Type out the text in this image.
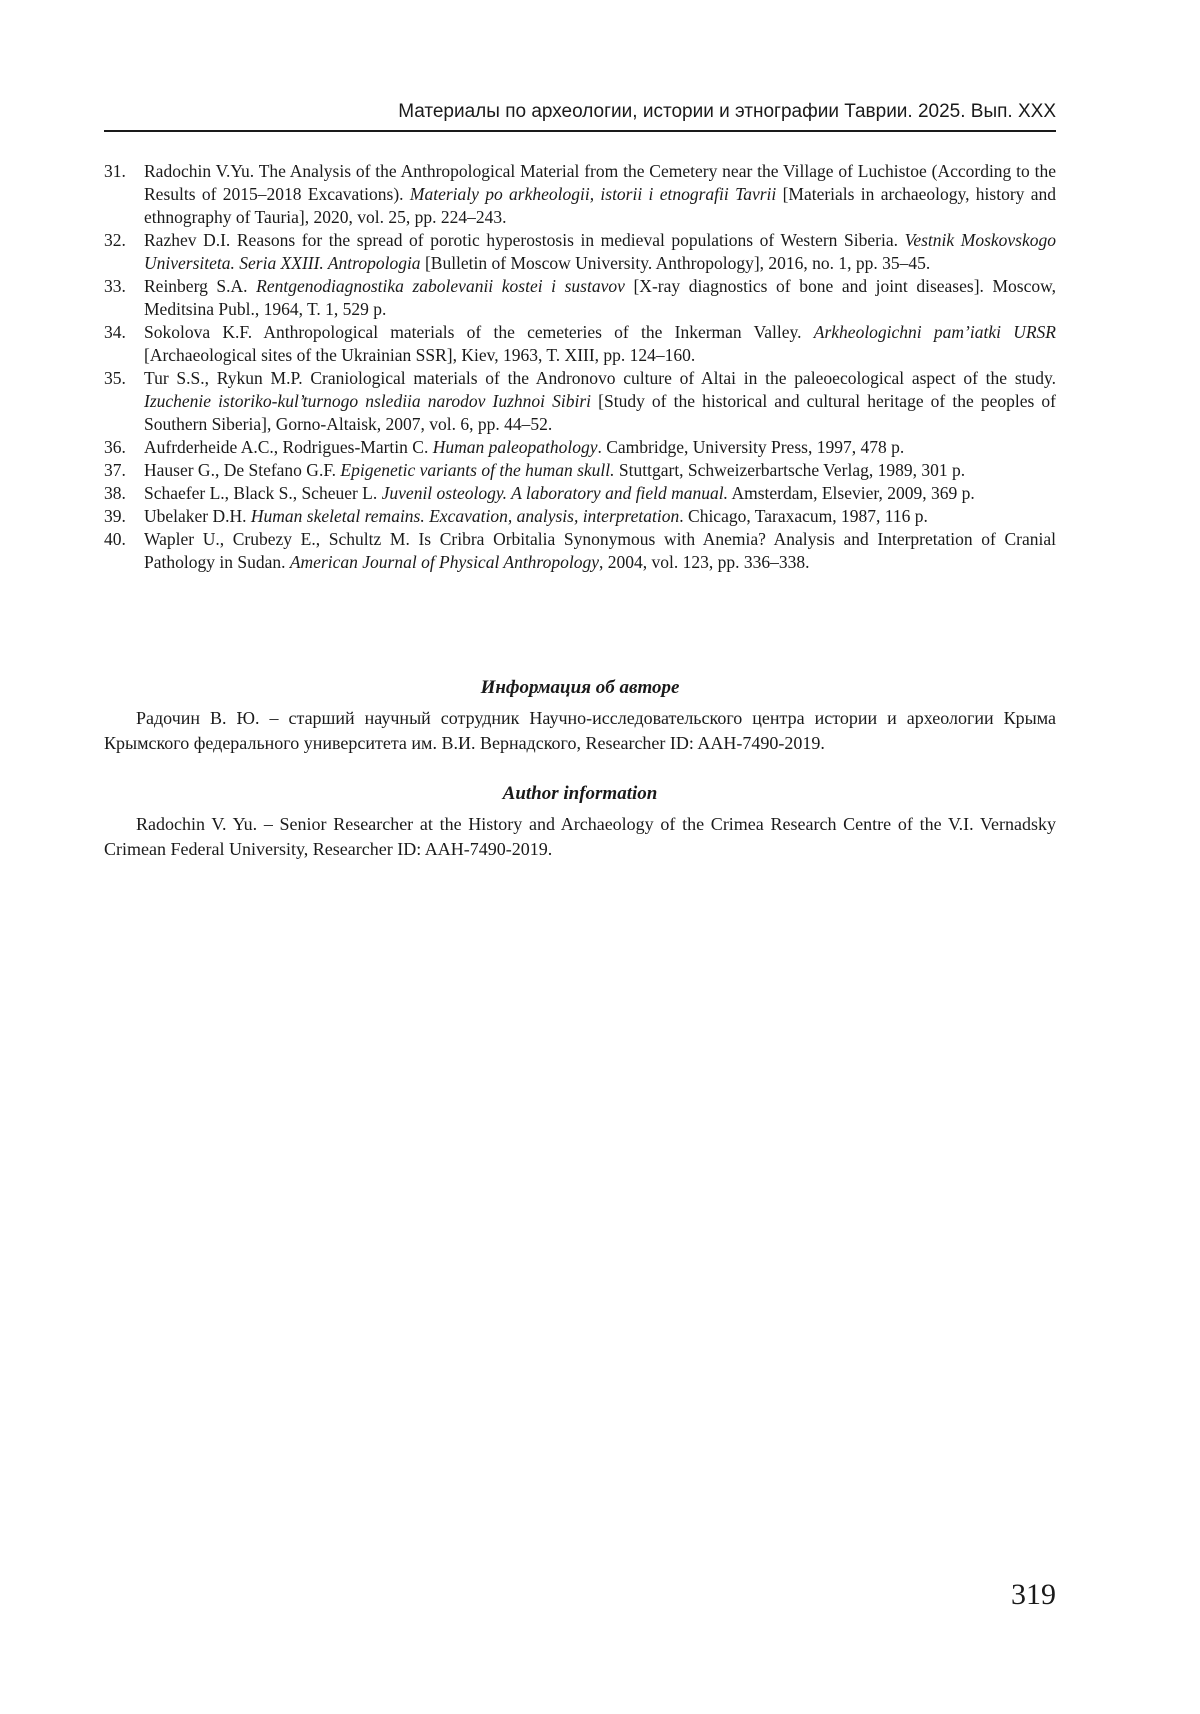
Материалы по археологии, истории и этнографии Таврии. 2025. Вып. XXX
31.	Radochin V.Yu. The Analysis of the Anthropological Material from the Cemetery near the Village of Luchistoe (According to the Results of 2015–2018 Excavations). Materialy po arkheologii, istorii i etnografii Tavrii [Materials in archaeology, history and ethnography of Tauria], 2020, vol. 25, pp. 224–243.
32.	Razhev D.I. Reasons for the spread of porotic hyperostosis in medieval populations of Western Siberia. Vestnik Moskovskogo Universiteta. Seria XXIII. Antropologia [Bulletin of Moscow University. Anthropology], 2016, no. 1, pp. 35–45.
33.	Reinberg S.A. Rentgenodiagnostika zabolevanii kostei i sustavov [X-ray diagnostics of bone and joint diseases]. Moscow, Meditsina Publ., 1964, T. 1, 529 p.
34.	Sokolova K.F. Anthropological materials of the cemeteries of the Inkerman Valley. Arkheologichni pam’iatki URSR [Archaeological sites of the Ukrainian SSR], Kiev, 1963, T. XIII, pp. 124–160.
35.	Tur S.S., Rykun M.P. Craniological materials of the Andronovo culture of Altai in the paleoecological aspect of the study. Izuchenie istoriko-kul’turnogo nslediia narodov Iuzhnoi Sibiri [Study of the historical and cultural heritage of the peoples of Southern Siberia], Gorno-Altaisk, 2007, vol. 6, pp. 44–52.
36.	Aufrderheide A.C., Rodrigues-Martin C. Human paleopathology. Cambridge, University Press, 1997, 478 p.
37.	Hauser G., De Stefano G.F. Epigenetic variants of the human skull. Stuttgart, Schweizerbartsche Verlag, 1989, 301 p.
38.	Schaefer L., Black S., Scheuer L. Juvenil osteology. A laboratory and field manual. Amsterdam, Elsevier, 2009, 369 p.
39.	Ubelaker D.H. Human skeletal remains. Excavation, analysis, interpretation. Chicago, Taraxacum, 1987, 116 p.
40.	Wapler U., Crubezy E., Schultz M. Is Cribra Orbitalia Synonymous with Anemia? Analysis and Interpretation of Cranial Pathology in Sudan. American Journal of Physical Anthropology, 2004, vol. 123, pp. 336–338.
Информация об авторе

Радочин В. Ю. – старший научный сотрудник Научно-исследовательского центра истории и археологии Крыма Крымского федерального университета им. В.И. Вернадского, Researcher ID: AAH-7490-2019.

Author information

Radochin V. Yu. – Senior Researcher at the History and Archaeology of the Crimea Research Centre of the V.I. Vernadsky Crimean Federal University, Researcher ID: AAH-7490-2019.

319
